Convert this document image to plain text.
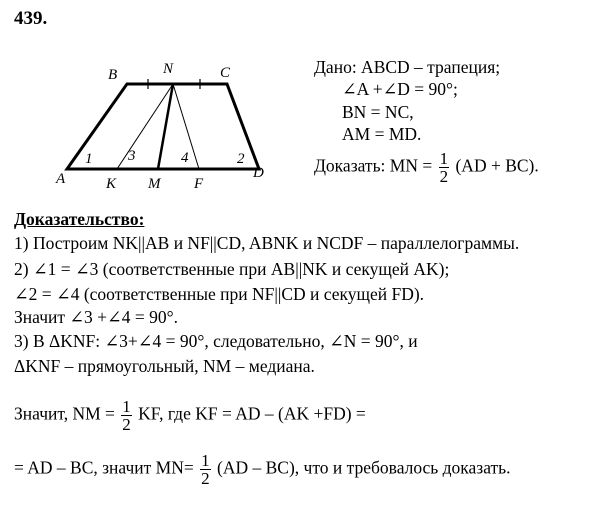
439.
B	N	C
A	K M F
D
1 3	4	2
Дано: ABCD – трапеция;
∠A +∠D = 90°;
BN = NC,
AM = MD.
Доказать: MN = $\frac{1}{2} (AD + BC)$.
Доказательство:
1) Построим NK||AB и NF||CD, ABNK и NCDF – параллелограммы.
2) ∠1 = ∠3 (соответственные при AB||NK и секущей AK);
∠2 = ∠4 (соответственные при NF||CD и секущей FD).
Значит ∠3 +∠4 = 90°.
3) В ΔKNF: ∠3+∠4 = 90°, следовательно, ∠N = 90°, и
ΔKNF – прямоугольный, NM – медиана.
Значит, NM = $\frac{1}{2}$ KF, где KF = AD – (AK +FD) =
= AD – BC, значит $MN= \frac{1}{2} (AD - BC)$, что и требовалось доказать.
